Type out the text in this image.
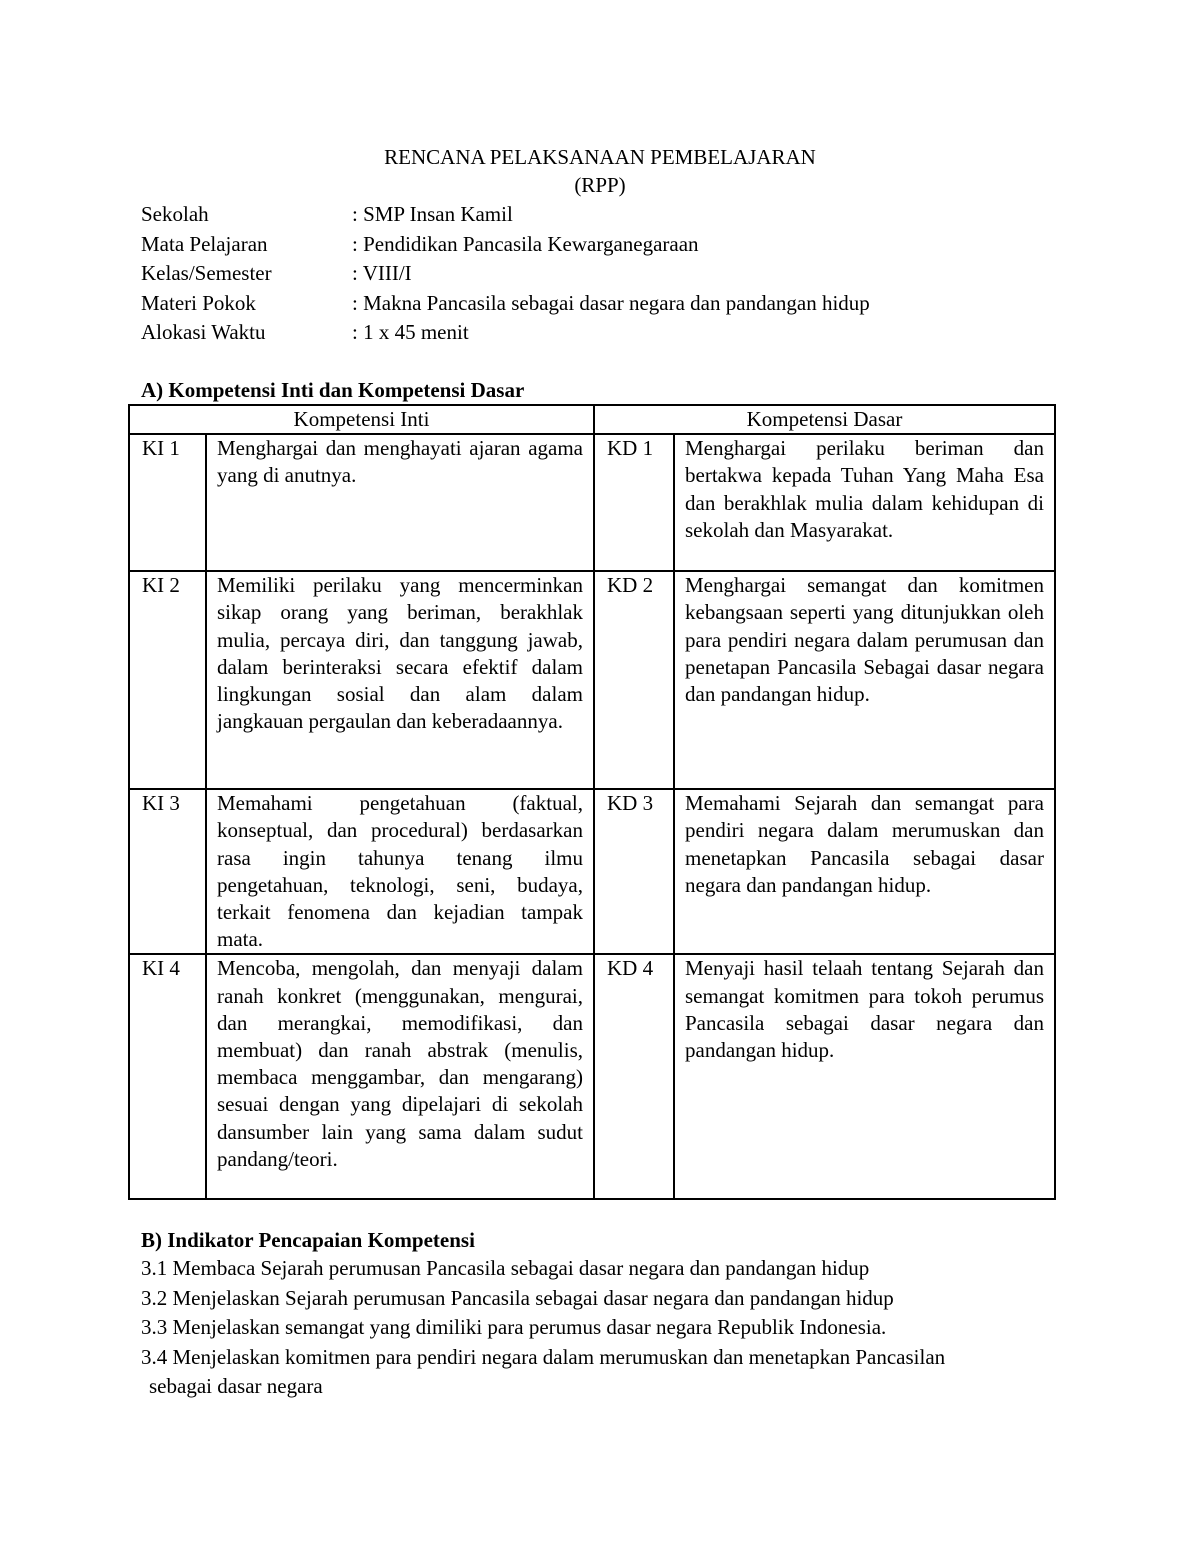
RENCANA PELAKSANAAN PEMBELAJARAN
(RPP)
Sekolah	: SMP Insan Kamil
Mata Pelajaran	: Pendidikan Pancasila Kewarganegaraan
Kelas/Semester	: VIII/I
Materi Pokok	: Makna Pancasila sebagai dasar negara dan pandangan hidup
Alokasi Waktu	: 1 x 45 menit
A) Kompetensi Inti dan Kompetensi Dasar
Kompetensi Inti		Kompetensi Dasar	
KI 1	Menghargai dan menghayati ajaran agama yang di anutnya.	KD 1	Menghargai perilaku beriman dan bertakwa kepada Tuhan Yang Maha Esa dan berakhlak mulia dalam kehidupan di sekolah dan Masyarakat.
KI 2	Memiliki perilaku yang mencerminkan sikap orang yang beriman, berakhlak mulia, percaya diri, dan tanggung jawab, dalam berinteraksi secara efektif dalam lingkungan sosial dan alam dalam jangkauan pergaulan dan keberadaannya.	KD 2	Menghargai semangat dan komitmen kebangsaan seperti yang ditunjukkan oleh para pendiri negara dalam perumusan dan penetapan Pancasila Sebagai dasar negara dan pandangan hidup.
KI 3	Memahami pengetahuan (faktual, konseptual, dan procedural) berdasarkan rasa ingin tahunya tenang ilmu pengetahuan, teknologi, seni, budaya, terkait fenomena dan kejadian tampak mata.	KD 3	Memahami Sejarah dan semangat para pendiri negara dalam merumuskan dan menetapkan Pancasila sebagai dasar negara dan pandangan hidup.
KI 4	Mencoba, mengolah, dan menyaji dalam ranah konkret (menggunakan, mengurai, dan merangkai, memodifikasi, dan membuat) dan ranah abstrak (menulis, membaca menggambar, dan mengarang) sesuai dengan yang dipelajari di sekolah dansumber lain yang sama dalam sudut pandang/teori.	KD 4	Menyaji hasil telaah tentang Sejarah dan semangat komitmen para tokoh perumus Pancasila sebagai dasar negara dan pandangan hidup.
B) Indikator Pencapaian Kompetensi
3.1 Membaca Sejarah perumusan Pancasila sebagai dasar negara dan pandangan hidup
3.2 Menjelaskan Sejarah perumusan Pancasila sebagai dasar negara dan pandangan hidup
3.3 Menjelaskan semangat yang dimiliki para perumus dasar negara Republik Indonesia.
3.4 Menjelaskan komitmen para pendiri negara dalam merumuskan dan menetapkan Pancasilan
sebagai dasar negara
